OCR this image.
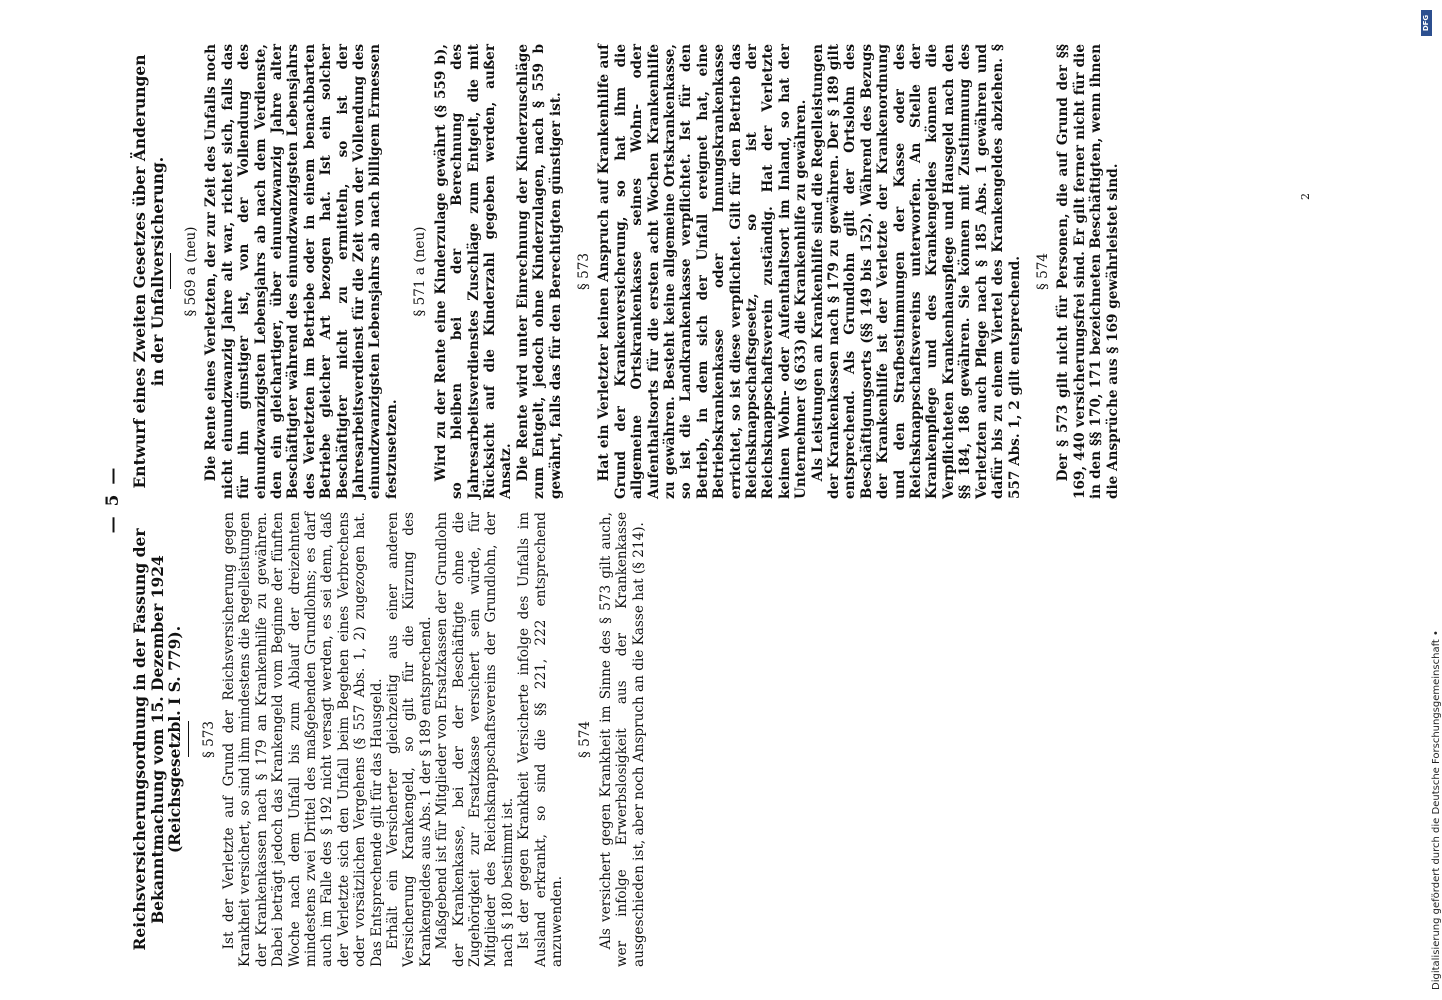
— 5 —
Reichsversicherungsordnung in der Fassung der Bekanntmachung vom 15. Dezember 1924 (Reichsgesetzbl. I S. 779). § 573 Ist der Verletzte auf Grund der Reichsversicherung gegen Krankheit versichert, so sind ihm mindestens die Regelleistungen der Krankenkassen nach § 179 an Krankenhilfe zu gewähren. Dabei beträgt jedoch das Krankengeld vom Beginne der fünften Woche nach dem Unfall bis zum Ablauf der dreizehnten mindestens zwei Drittel des maßgebenden Grundlohns; es darf auch im Falle des § 192 nicht versagt werden, es sei denn, daß der Verletzte sich den Unfall beim Begehen eines Verbrechens oder vorsätzlichen Vergehens (§ 557 Abs. 1, 2) zugezogen hat. Das Entsprechende gilt für das Hausgeld. Erhält ein Versicherter gleichzeitig aus einer anderen Versicherung Krankengeld, so gilt für die Kürzung des Krankengeldes aus Abs. 1 der § 189 entsprechend. Maßgebend ist für Mitglieder von Ersatzkassen der Grundlohn der Krankenkasse, bei der der Beschäftigte ohne die Zugehörigkeit zur Ersatzkasse versichert sein würde, für Mitglieder des Reichsknappschaftsvereins der Grundlohn, der nach § 180 bestimmt ist. Ist der gegen Krankheit Versicherte infolge des Unfalls im Ausland erkrankt, so sind die §§ 221, 222 entsprechend anzuwenden.

§ 574 Als versichert gegen Krankheit im Sinne des § 573 gilt auch, wer infolge Erwerbslosigkeit aus der Krankenkasse ausgeschieden ist, aber noch Anspruch an die Kasse hat (§ 214).

Entwurf eines Zweiten Gesetzes über Änderungen in der Unfallversicherung. § 569 a (neu) Die Rente eines Verletzten, der zur Zeit des Unfalls noch nicht einundzwanzig Jahre alt war, richtet sich, falls das für ihn günstiger ist, von der Vollendung des einundzwanzigsten Lebensjahrs ab nach dem Verdienste, den ein gleichartiger, über einundzwanzig Jahre alter Beschäftigter während des einundzwanzigsten Lebensjahrs des Verletzten im Betriebe oder in einem benachbarten Betriebe gleicher Art bezogen hat. Ist ein solcher Beschäftigter nicht zu ermitteln, so ist der Jahresarbeitsverdienst für die Zeit von der Vollendung des einundzwanzigsten Lebensjahrs ab nach billigem Ermessen festzusetzen.

§ 571 a (neu) Wird zu der Rente eine Kinderzulage gewährt (§ 559 b), so bleiben bei der Berechnung des Jahresarbeitsverdienstes Zuschläge zum Entgelt, die mit Rücksicht auf die Kinderzahl gegeben werden, außer Ansatz. Die Rente wird unter Einrechnung der Kinderzuschläge zum Entgelt, jedoch ohne Kinderzulagen, nach § 559 b gewährt, falls das für den Berechtigten günstiger ist. § 573 Hat ein Verletzter keinen Anspruch auf Krankenhilfe auf Grund der Krankenversicherung, so hat ihm die allgemeine Ortskrankenkasse seines Wohn- oder Aufenthaltsorts für die ersten acht Wochen Krankenhilfe zu gewähren. Besteht keine allgemeine Ortskrankenkasse, so ist die Landkrankenkasse verpflichtet. Ist für den Betrieb, in dem sich der Unfall ereignet hat, eine Betriebskrankenkasse oder Innungskrankenkasse errichtet, so ist diese verpflichtet. Gilt für den Betrieb das Reichsknappschaftsgesetz, so ist der Reichsknappschaftsverein zuständig. Hat der Verletzte keinen Wohn- oder Aufenthaltsort im Inland, so hat der Unternehmer (§ 633) die Krankenhilfe zu gewähren. Als Leistungen an Krankenhilfe sind die Regelleistungen der Krankenkassen nach § 179 zu gewähren. Der § 189 gilt entsprechend. Als Grundlohn gilt der Ortslohn des Beschäftigungsorts (§§ 149 bis 152). Während des Bezugs der Krankenhilfe ist der Verletzte der Krankenordnung und den Strafbestimmungen der Kasse oder des Reichsknappschaftsvereins unterworfen. An Stelle der Krankenpflege und des Krankengeldes können die Verpflichteten Krankenhauspflege und Hausgeld nach den §§ 184, 186 gewähren. Sie können mit Zustimmung des Verletzten auch Pflege nach § 185 Abs. 1 gewähren und dafür bis zu einem Viertel des Krankengeldes abziehen. § 557 Abs. 1, 2 gilt entsprechend. § 574 Der § 573 gilt nicht für Personen, die auf Grund der §§ 169, 440 versicherungsfrei sind. Er gilt ferner nicht für die in den §§ 170, 171 bezeichneten Beschäftigten, wenn ihnen die Ansprüche aus § 169 gewährleistet sind.	2
Digitalisierung gefördert durch die Deutsche Forschungsgemeinschaft •
DFG
